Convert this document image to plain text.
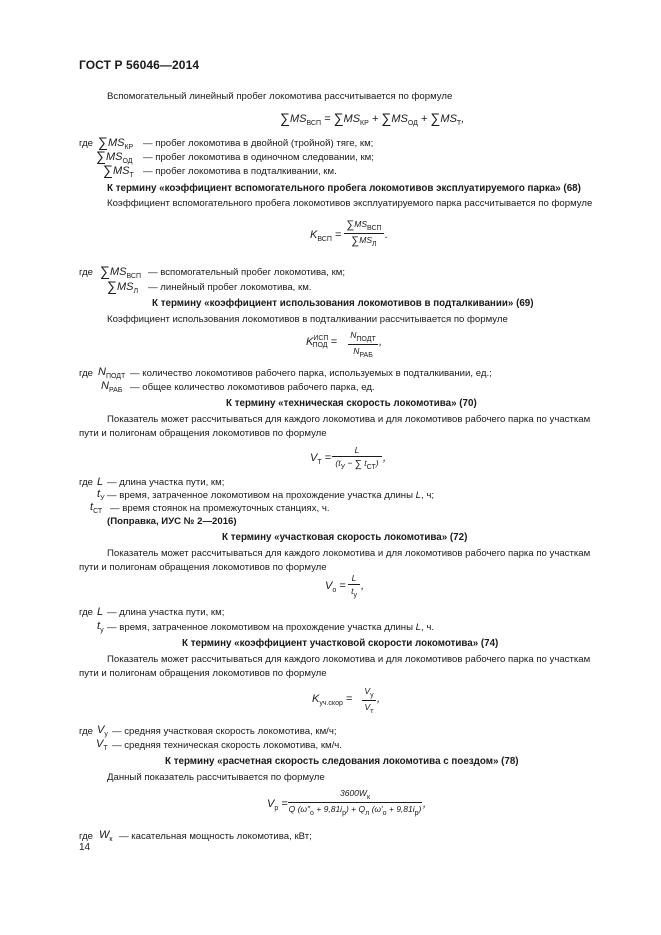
ГОСТ Р 56046—2014
Вспомогательный линейный пробег локомотива рассчитывается по формуле
$\sum MS_{ВСП} = \sum MS_{КР} + \sum MS_{ОД} + \sum MS_Т$,
где $\sum MS_{КР}$ — пробег локомотива в двойной (тройной) тяге, км;
$\sum MS_{ОД}$ — пробег локомотива в одиночном следовании, км;
$\sum MS_Т$ — пробег локомотива в подталкивании, км.
К термину «коэффициент вспомогательного пробега локомотивов эксплуатируемого парка» (68)
Коэффициент вспомогательного пробега локомотивов эксплуатируемого парка рассчитывается по формуле
$K_{ВСП}$ =
$\sum MS_{ВСП}$
$\sum MS_Л$
.
где $\sum MS_{ВСП}$ — вспомогательный пробег локомотива, км;
$\sum MS_Л$ — линейный пробег локомотива, км.
К термину «коэффициент использования локомотивов в подталкивании» (69)
Коэффициент использования локомотивов в подталкивании рассчитывается по формуле
$K^{ИСП}ПОД$ =
$N_{ПОДТ}$
$N_{РАБ}$
,
где $N_{ПОДТ}$ — количество локомотивов рабочего парка, используемых в подталкивании, ед.;
$N_{РАБ}$ — общее количество локомотивов рабочего парка, ед.
К термину «техническая скорость локомотива» (70)
Показатель может рассчитываться для каждого локомотива и для локомотивов рабочего парка по участкам
пути и полигонам обращения локомотивов по формуле
$V_Т$ =
L
($t_У$ − ∑ $t_{СТ}$) ,
где L — длина участка пути, км;
$t_У$ — время, затраченное локомотивом на прохождение участка длины L, ч;
$t_{СТ}$ — время стоянок на промежуточных станциях, ч.
(Поправка, ИУС № 2—2016)
К термину «участковая скорость локомотива» (72)
Показатель может рассчитываться для каждого локомотива и для локомотивов рабочего парка по участкам
пути и полигонам обращения локомотивов по формуле
$V_о$ =
L
$t_у$
,
где L — длина участка пути, км;
$t_у$ — время, затраченное локомотивом на прохождение участка длины L, ч.
К термину «коэффициент участковой скорости локомотива» (74)
Показатель может рассчитываться для каждого локомотива и для локомотивов рабочего парка по участкам
пути и полигонам обращения локомотивов по формуле
$K_{уч.скор}$ =
$V_у$
$V_т$
,
где $V_у$ — средняя участковая скорость локомотива, км/ч;
$V_Т$ — средняя техническая скорость локомотива, км/ч.
К термину «расчетная скорость следования локомотива с поездом» (78)
Данный показатель рассчитывается по формуле
$V_р$ =
$3600W_к$
Q $(\omega''_о + 9,81i_р) + Q_л$ $(\omega'_о + 9,81i_р)$ ,
где $W_к$ — касательная мощность локомотива, кВт;
14
